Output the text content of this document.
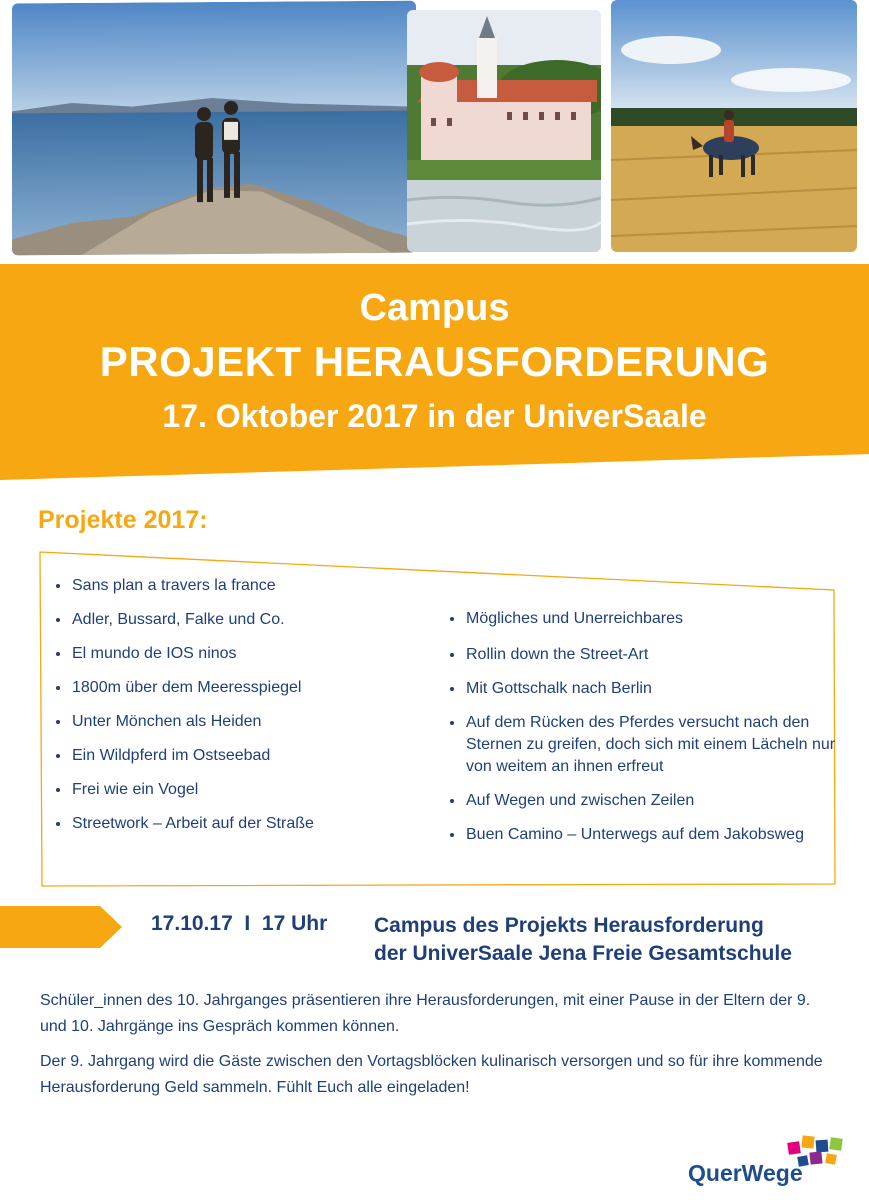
Campus
PROJEKT HERAUSFORDERUNG
17. Oktober 2017 in der UniverSaale
Projekte 2017:
Sans plan a travers la france
Adler, Bussard, Falke und Co.
El mundo de IOS ninos
1800m über dem Meeresspiegel
Unter Mönchen als Heiden
Ein Wildpferd im Ostseebad
Frei wie ein Vogel
Streetwork – Arbeit auf der Straße
Mögliches und Unerreichbares
Rollin down the Street-Art
Mit Gottschalk nach Berlin
Auf dem Rücken des Pferdes versucht nach den Sternen zu greifen, doch sich mit einem Lächeln nur von weitem an ihnen erfreut
Auf Wegen und zwischen Zeilen
Buen Camino – Unterwegs auf dem Jakobsweg
17.10.17  I  17 Uhr Campus des Projekts Herausforderung
der UniverSaale Jena Freie Gesamtschule

Schüler_innen des 10. Jahrganges präsentieren ihre Herausforderungen, mit einer Pause in der Eltern der 9. und 10. Jahrgänge ins Gespräch kommen können.

Der 9. Jahrgang wird die Gäste zwischen den Vortagsblöcken kulinarisch versorgen und so für ihre kommende Herausforderung Geld sammeln. Fühlt Euch alle eingeladen!

QuerWege
